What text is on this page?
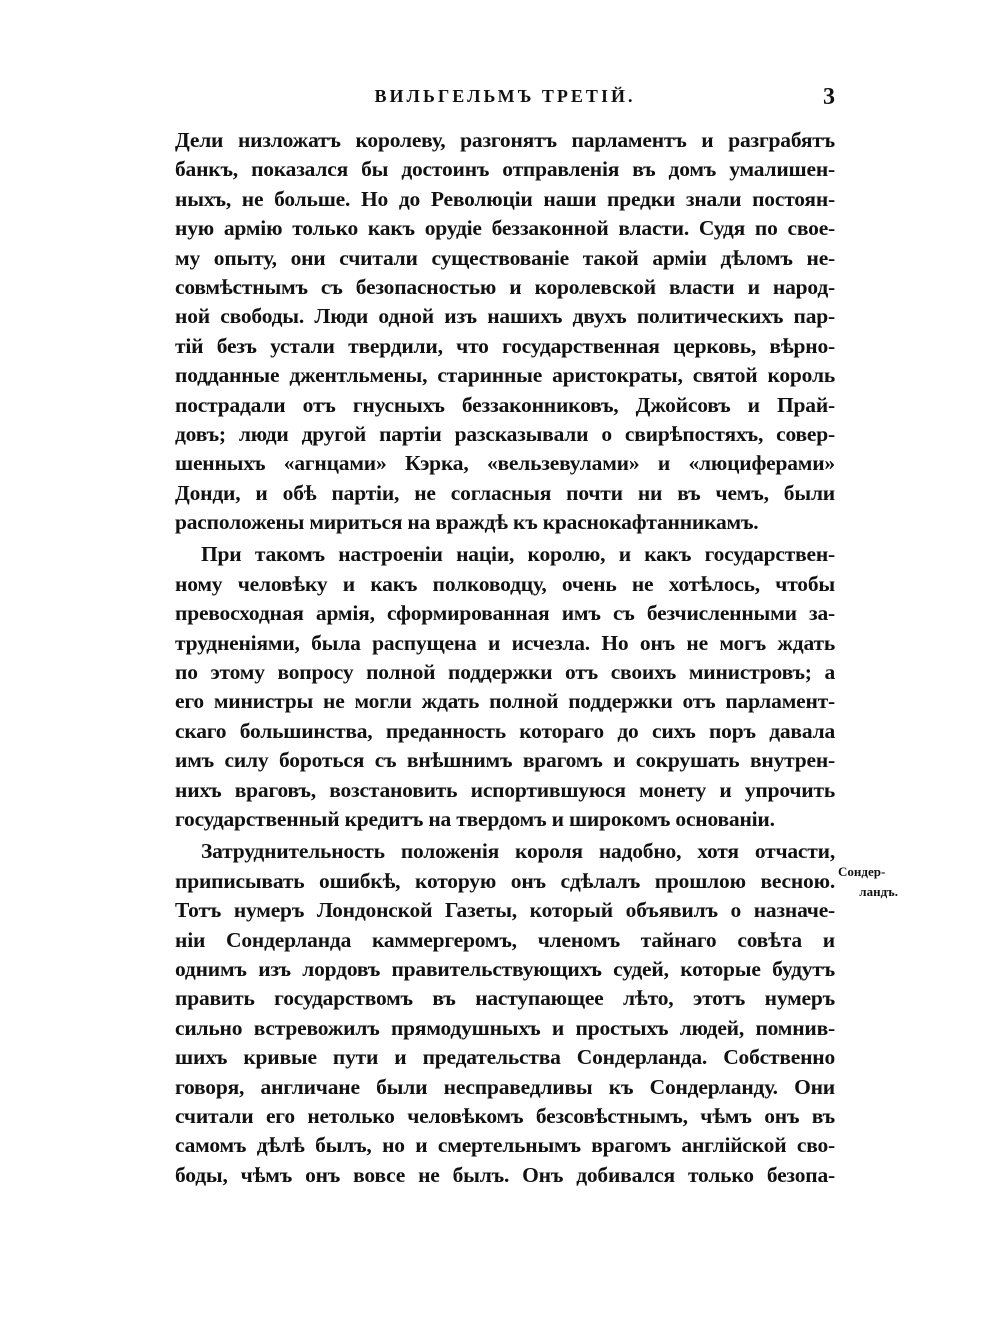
ВИЛЬГЕЛЬМЪ ТРЕТІЙ.	3
Дели низложатъ королеву, разгонятъ парламентъ и разграбятъ
банкъ, показался бы достоинъ отправленія въ домъ умалишен-
ныхъ, не больше. Но до Революціи наши предки знали постоян-
ную армію только какъ орудіе беззаконной власти. Судя по свое-
му опыту, они считали существованіе такой арміи дѣломъ не-
совмѣстнымъ съ безопасностью и королевской власти и народ-
ной свободы. Люди одной изъ нашихъ двухъ политическихъ пар-
тій безъ устали твердили, что государственная церковь, вѣрно-
подданные джентльмены, старинные аристократы, святой король
пострадали отъ гнусныхъ беззаконниковъ, Джойсовъ и Прай-
довъ; люди другой партіи разсказывали о свирѣпостяхъ, совер-
шенныхъ «агнцами» Кэрка, «вельзевулами» и «люциферами»
Донди, и обѣ партіи, не согласныя почти ни въ чемъ, были
расположены мириться на враждѣ къ краснокафтанникамъ.
При такомъ настроеніи націи, королю, и какъ государствен-
ному человѣку и какъ полководцу, очень не хотѣлось, чтобы
превосходная армія, сформированная имъ съ безчисленными за-
трудненіями, была распущена и исчезла. Но онъ не могъ ждать
по этому вопросу полной поддержки отъ своихъ министровъ; а
его министры не могли ждать полной поддержки отъ парламент-
скаго большинства, преданность котораго до сихъ поръ давала
имъ силу бороться съ внѣшнимъ врагомъ и сокрушать внутрен-
нихъ враговъ, возстановить испортившуюся монету и упрочить
государственный кредитъ на твердомъ и широкомъ основаніи.
Затруднительность положенія короля надобно, хотя отчасти,
приписывать ошибкѣ, которую онъ сдѣлалъ прошлою весною.
Тотъ нумеръ Лондонской Газеты, который объявилъ о назначе-
ніи Сондерланда каммергеромъ, членомъ тайнаго совѣта и
однимъ изъ лордовъ правительствующихъ судей, которые будутъ
править государствомъ въ наступающее лѣто, этотъ нумеръ
сильно встревожилъ прямодушныхъ и простыхъ людей, помнив-
шихъ кривые пути и предательства Сондерланда. Собственно
говоря, англичане были несправедливы къ Сондерланду. Они
считали его нетолько человѣкомъ безсовѣстнымъ, чѣмъ онъ въ
самомъ дѣлѣ былъ, но и смертельнымъ врагомъ англійской сво-
боды, чѣмъ онъ вовсе не былъ. Онъ добивался только безопа-
Сондер-
ландъ.
